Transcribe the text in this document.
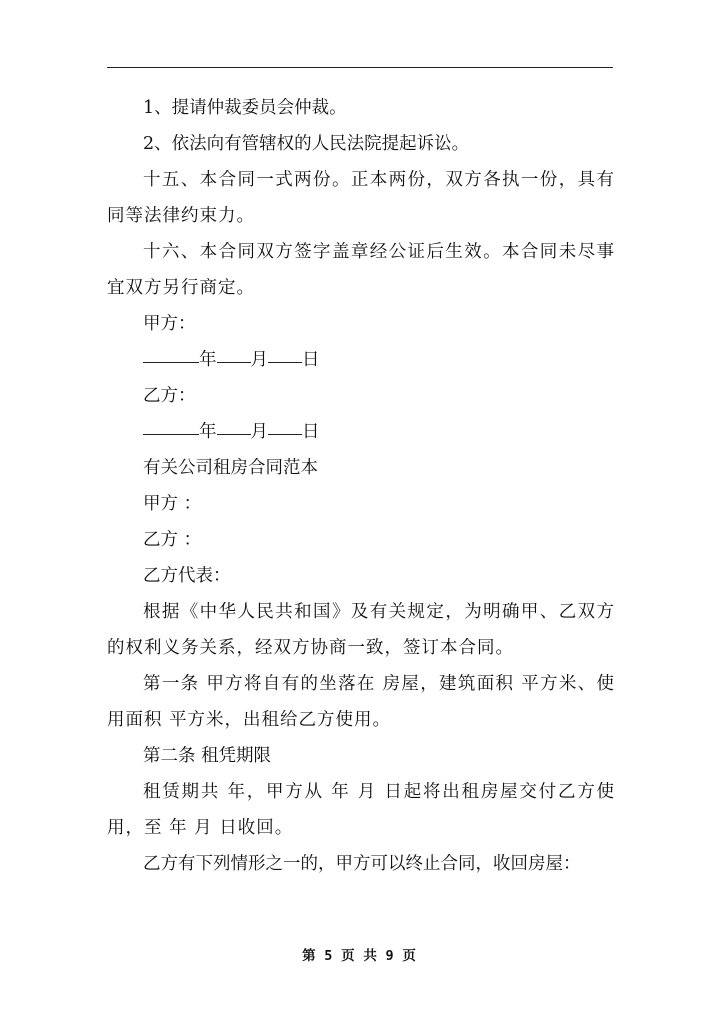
1、提请仲裁委员会仲裁。

2、依法向有管辖权的人民法院提起诉讼。

十五、本合同一式两份。正本两份，双方各执一份，具有同等法律约束力。

十六、本合同双方签字盖章经公证后生效。本合同未尽事宜双方另行商定。

甲方：

年 月 日

乙方：

年 月 日

有关公司租房合同范本

甲方 ：

乙方 ：

乙方代表：

根据《中华人民共和国》及有关规定，为明确甲、乙双方的权利义务关系，经双方协商一致，签订本合同。

第一条 甲方将自有的坐落在 房屋，建筑面积 平方米、使用面积 平方米，出租给乙方使用。

第二条 租凭期限

租赁期共 年，甲方从 年 月 日起将出租房屋交付乙方使用，至 年 月 日收回。

乙方有下列情形之一的，甲方可以终止合同，收回房屋：

第 5 页 共 9 页
